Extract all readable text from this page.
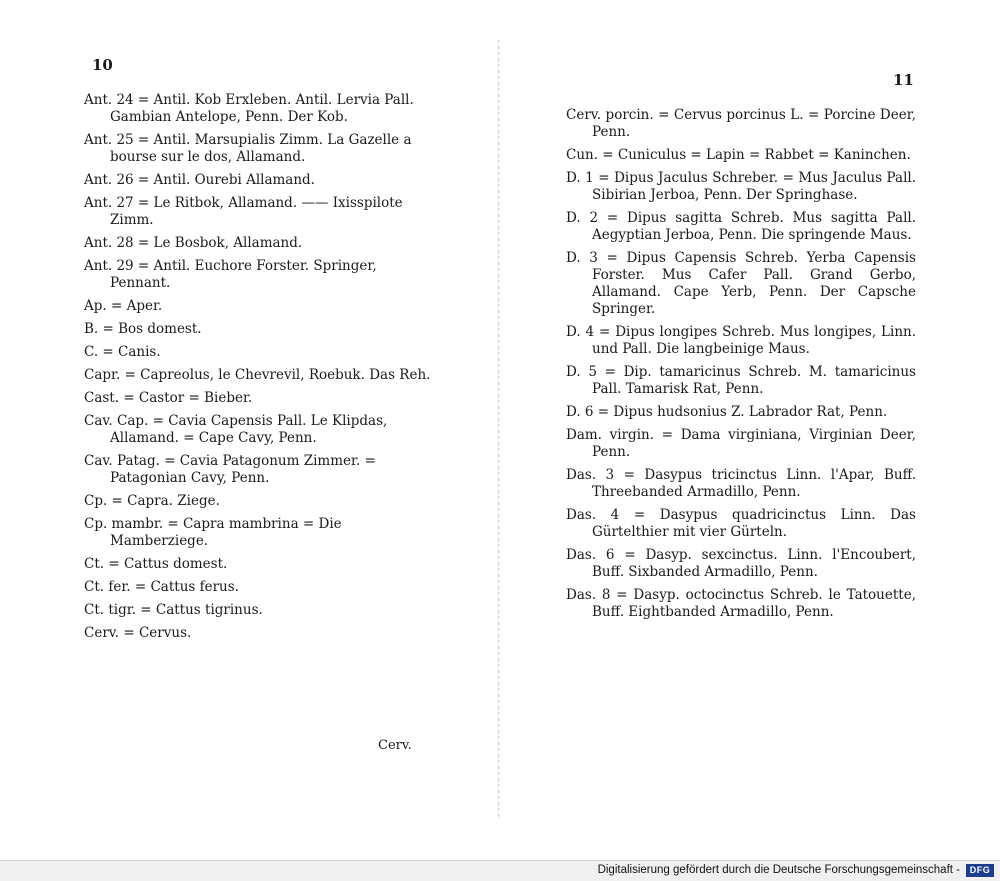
10
Ant. 24 = Antil. Kob Erxleben. Antil. Lervia Pall. Gambian Antelope, Penn. Der Kob.
Ant. 25 = Antil. Marsupialis Zimm. La Gazelle a bourse sur le dos, Allamand.
Ant. 26 = Antil. Ourebi Allamand.
Ant. 27 = Le Ritbok, Allamand. —— Ixisspilote Zimm.
Ant. 28 = Le Bosbok, Allamand.
Ant. 29 = Antil. Euchore Forster. Springer, Pennant.
Ap. = Aper.
B. = Bos domest.
C. = Canis.
Capr. = Capreolus, le Chevrevil, Roebuk. Das Reh.
Cast. = Castor = Bieber.
Cav. Cap. = Cavia Capensis Pall. Le Klipdas, Allamand. = Cape Cavy, Penn.
Cav. Patag. = Cavia Patagonum Zimmer. = Patagonian Cavy, Penn.
Cp. = Capra. Ziege.
Cp. mambr. = Capra mambrina = Die Mamberziege.
Ct. = Cattus domest.
Ct. fer. = Cattus ferus.
Ct. tigr. = Cattus tigrinus.
Cerv. = Cervus.
Cerv.
11
Cerv. porcin. = Cervus porcinus L. = Porcine Deer, Penn.
Cun. = Cuniculus = Lapin = Rabbet = Kaninchen.
D. 1 = Dipus Jaculus Schreber. = Mus Jaculus Pall. Sibirian Jerboa, Penn. Der Springhase.
D. 2 = Dipus sagitta Schreb. Mus sagitta Pall. Aegyptian Jerboa, Penn. Die springende Maus.
D. 3 = Dipus Capensis Schreb. Yerba Capensis Forster. Mus Cafer Pall. Grand Gerbo, Allamand. Cape Yerb, Penn. Der Capsche Springer.
D. 4 = Dipus longipes Schreb. Mus longipes, Linn. und Pall. Die langbeinige Maus.
D. 5 = Dip. tamaricinus Schreb. M. tamaricinus Pall. Tamarisk Rat, Penn.
D. 6 = Dipus hudsonius Z. Labrador Rat, Penn.
Dam. virgin. = Dama virginiana, Virginian Deer, Penn.
Das. 3 = Dasypus tricinctus Linn. l'Apar, Buff. Threebanded Armadillo, Penn.
Das. 4 = Dasypus quadricinctus Linn. Das Gürtelthier mit vier Gürteln.
Das. 6 = Dasyp. sexcinctus. Linn. l'Encoubert, Buff. Sixbanded Armadillo, Penn.
Das. 8 = Dasyp. octocinctus Schreb. le Tatouette, Buff. Eightbanded Armadillo, Penn.
Digitalisierung gefördert durch die Deutsche Forschungsgemeinschaft -	DFG
